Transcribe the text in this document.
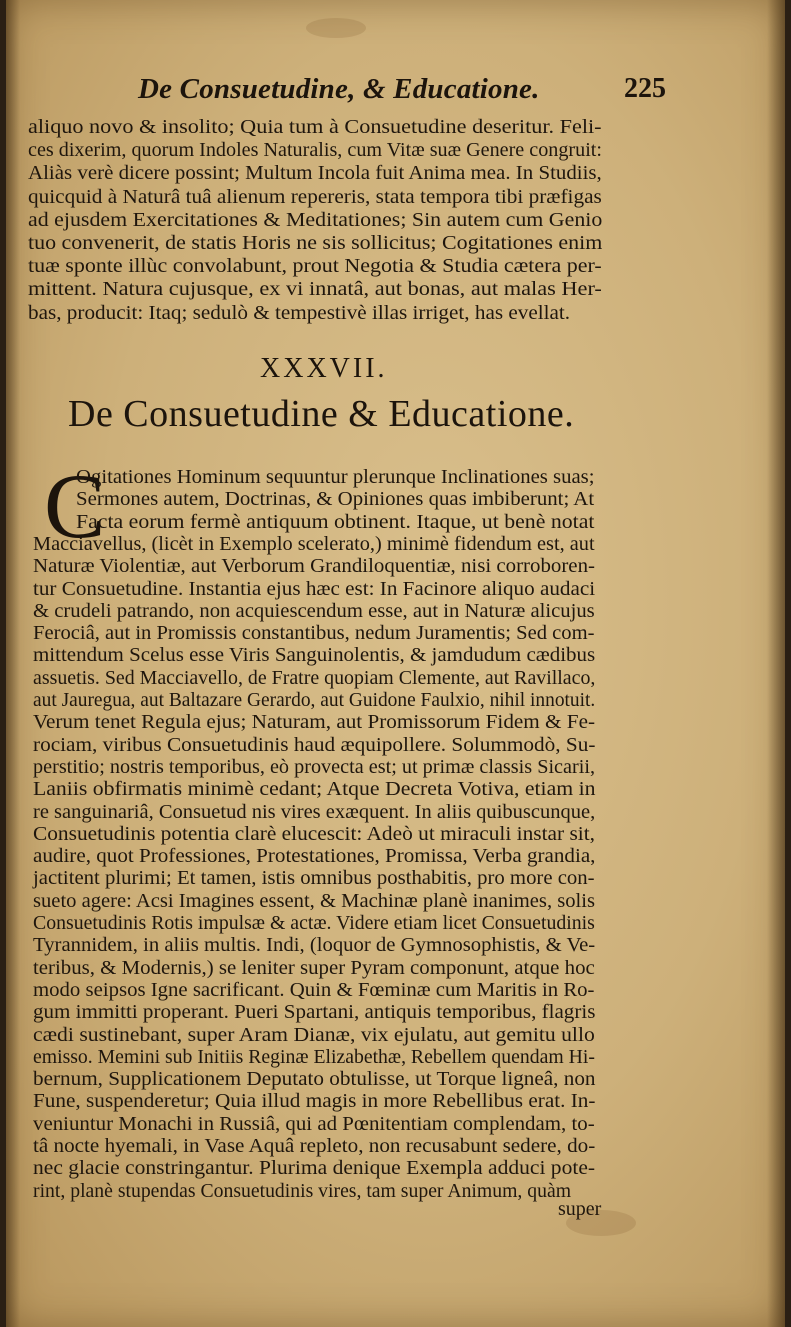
De Consuetudine, & Educatione.	225
XXXVII.
De Consuetudine & Educatione.
C
super
aliquo novo & insolito; Quia tum à Consuetudine deseritur. Feli-
ces dixerim, quorum Indoles Naturalis, cum Vitæ suæ Genere congruit:
Aliàs verè dicere possint; Multum Incola fuit Anima mea. In Studiis,
quicquid à Naturâ tuâ alienum repereris, stata tempora tibi præfigas
ad ejusdem Exercitationes & Meditationes; Sin autem cum Genio
tuo convenerit, de statis Horis ne sis sollicitus; Cogitationes enim
tuæ sponte illùc convolabunt, prout Negotia & Studia cætera per-
mittent. Natura cujusque, ex vi innatâ, aut bonas, aut malas Her-
bas, producit: Itaq; sedulò & tempestivè illas irriget, has evellat.
Ogitationes Hominum sequuntur plerunque Inclinationes suas;
Sermones autem, Doctrinas, & Opiniones quas imbiberunt; At
Facta eorum fermè antiquum obtinent. Itaque, ut benè notat
Macciavellus, (licèt in Exemplo scelerato,) minimè fidendum est, aut
Naturæ Violentiæ, aut Verborum Grandiloquentiæ, nisi corroboren-
tur Consuetudine. Instantia ejus hæc est: In Facinore aliquo audaci
& crudeli patrando, non acquiescendum esse, aut in Naturæ alicujus
Ferociâ, aut in Promissis constantibus, nedum Juramentis; Sed com-
mittendum Scelus esse Viris Sanguinolentis, & jamdudum cædibus
assuetis. Sed Macciavello, de Fratre quopiam Clemente, aut Ravillaco,
aut Jauregua, aut Baltazare Gerardo, aut Guidone Faulxio, nihil innotuit.
Verum tenet Regula ejus; Naturam, aut Promissorum Fidem & Fe-
rociam, viribus Consuetudinis haud æquipollere. Solummodò, Su-
perstitio; nostris temporibus, eò provecta est; ut primæ classis Sicarii,
Laniis obfirmatis minimè cedant; Atque Decreta Votiva, etiam in
re sanguinariâ, Consuetud nis vires exæquent. In aliis quibuscunque,
Consuetudinis potentia clarè elucescit: Adeò ut miraculi instar sit,
audire, quot Professiones, Protestationes, Promissa, Verba grandia,
jactitent plurimi; Et tamen, istis omnibus posthabitis, pro more con-
sueto agere: Acsi Imagines essent, & Machinæ planè inanimes, solis
Consuetudinis Rotis impulsæ & actæ. Videre etiam licet Consuetudinis
Tyrannidem, in aliis multis. Indi, (loquor de Gymnosophistis, & Ve-
teribus, & Modernis,) se leniter super Pyram componunt, atque hoc
modo seipsos Igne sacrificant. Quin & Fœminæ cum Maritis in Ro-
gum immitti properant. Pueri Spartani, antiquis temporibus, flagris
cædi sustinebant, super Aram Dianæ, vix ejulatu, aut gemitu ullo
emisso. Memini sub Initiis Reginæ Elizabethæ, Rebellem quendam Hi-
bernum, Supplicationem Deputato obtulisse, ut Torque ligneâ, non
Fune, suspenderetur; Quia illud magis in more Rebellibus erat. In-
veniuntur Monachi in Russiâ, qui ad Pœnitentiam complendam, to-
tâ nocte hyemali, in Vase Aquâ repleto, non recusabunt sedere, do-
nec glacie constringantur. Plurima denique Exempla adduci pote-
rint, planè stupendas Consuetudinis vires, tam super Animum, quàm
